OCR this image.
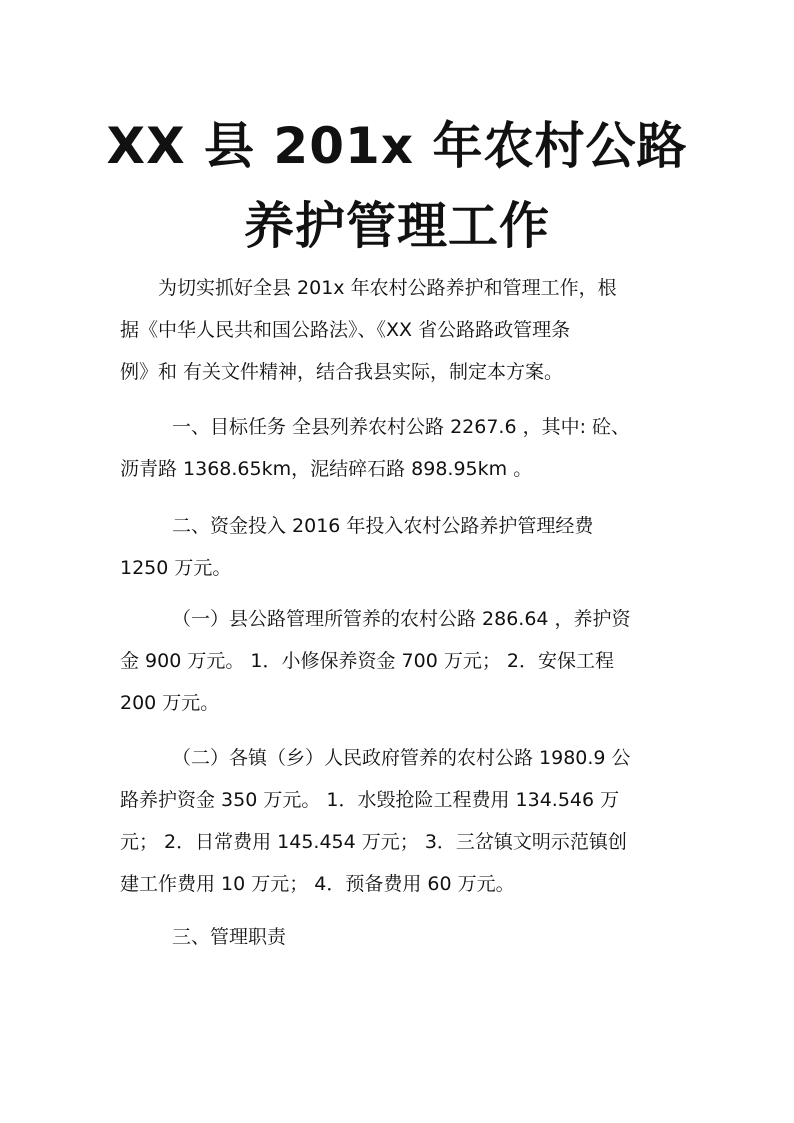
XX 县 201x 年农村公路
养护管理工作

为切实抓好全县 201x 年农村公路养护和管理工作，根
据《中华人民共和国公路法》、《XX 省公路路政管理条
例》和 有关文件精神，结合我县实际，制定本方案。

一、目标任务 全县列养农村公路 2267.6 ，其中: 砼、
沥青路 1368.65km，泥结碎石路 898.95km 。

二、资金投入 2016 年投入农村公路养护管理经费
1250 万元。

（一）县公路管理所管养的农村公路 286.64 ，养护资
金 900 万元。 1．小修保养资金 700 万元； 2．安保工程
200 万元。

（二）各镇（乡）人民政府管养的农村公路 1980.9 公
路养护资金 350 万元。 1．水毁抢险工程费用 134.546 万
元； 2．日常费用 145.454 万元； 3．三岔镇文明示范镇创
建工作费用 10 万元； 4．预备费用 60 万元。

三、管理职责
